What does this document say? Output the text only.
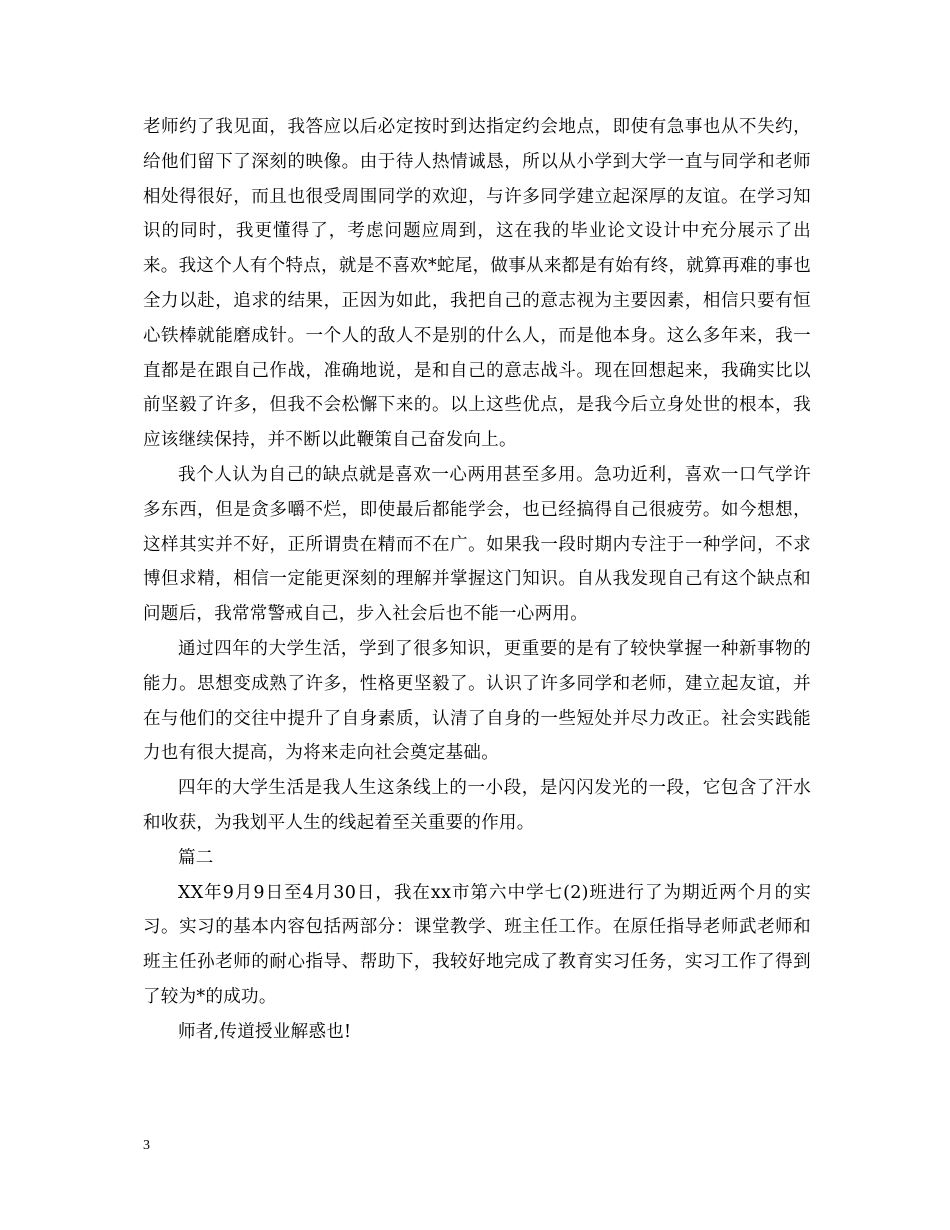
老师约了我见面，我答应以后必定按时到达指定约会地点，即使有急事也从不失约，给他们留下了深刻的映像。由于待人热情诚恳，所以从小学到大学一直与同学和老师相处得很好，而且也很受周围同学的欢迎，与许多同学建立起深厚的友谊。在学习知识的同时，我更懂得了，考虑问题应周到，这在我的毕业论文设计中充分展示了出来。我这个人有个特点，就是不喜欢*蛇尾，做事从来都是有始有终，就算再难的事也全力以赴，追求的结果，正因为如此，我把自己的意志视为主要因素，相信只要有恒心铁棒就能磨成针。一个人的敌人不是别的什么人，而是他本身。这么多年来，我一直都是在跟自己作战，准确地说，是和自己的意志战斗。现在回想起来，我确实比以前坚毅了许多，但我不会松懈下来的。以上这些优点，是我今后立身处世的根本，我应该继续保持，并不断以此鞭策自己奋发向上。

我个人认为自己的缺点就是喜欢一心两用甚至多用。急功近利，喜欢一口气学许多东西，但是贪多嚼不烂，即使最后都能学会，也已经搞得自己很疲劳。如今想想，这样其实并不好，正所谓贵在精而不在广。如果我一段时期内专注于一种学问，不求博但求精，相信一定能更深刻的理解并掌握这门知识。自从我发现自己有这个缺点和问题后，我常常警戒自己，步入社会后也不能一心两用。

通过四年的大学生活，学到了很多知识，更重要的是有了较快掌握一种新事物的能力。思想变成熟了许多，性格更坚毅了。认识了许多同学和老师，建立起友谊，并在与他们的交往中提升了自身素质，认清了自身的一些短处并尽力改正。社会实践能力也有很大提高，为将来走向社会奠定基础。

四年的大学生活是我人生这条线上的一小段，是闪闪发光的一段，它包含了汗水和收获，为我划平人生的线起着至关重要的作用。

篇二

XX年9月9日至4月30日，我在xx市第六中学七(2)班进行了为期近两个月的实习。实习的基本内容包括两部分：课堂教学、班主任工作。在原任指导老师武老师和班主任孙老师的耐心指导、帮助下，我较好地完成了教育实习任务，实习工作了得到了较为*的成功。

师者,传道授业解惑也!

3
